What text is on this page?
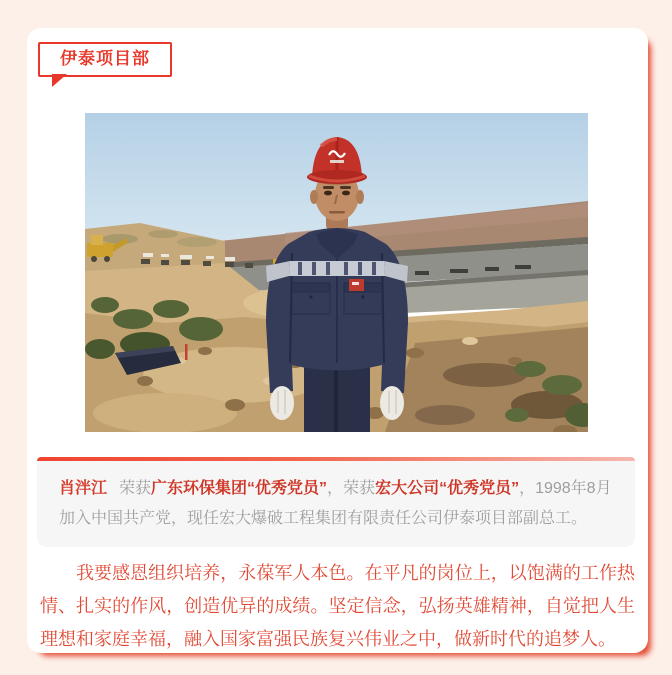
伊泰项目部

肖泮江 荣获广东环保集团“优秀党员”，荣获宏大公司“优秀党员”，1998年8月加入中国共产党，现任宏大爆破工程集团有限责任公司伊泰项目部副总工。

我要感恩组织培养，永葆军人本色。在平凡的岗位上，以饱满的工作热情、扎实的作风，创造优异的成绩。坚定信念，弘扬英雄精神，自觉把人生理想和家庭幸福，融入国家富强民族复兴伟业之中，做新时代的追梦人。
